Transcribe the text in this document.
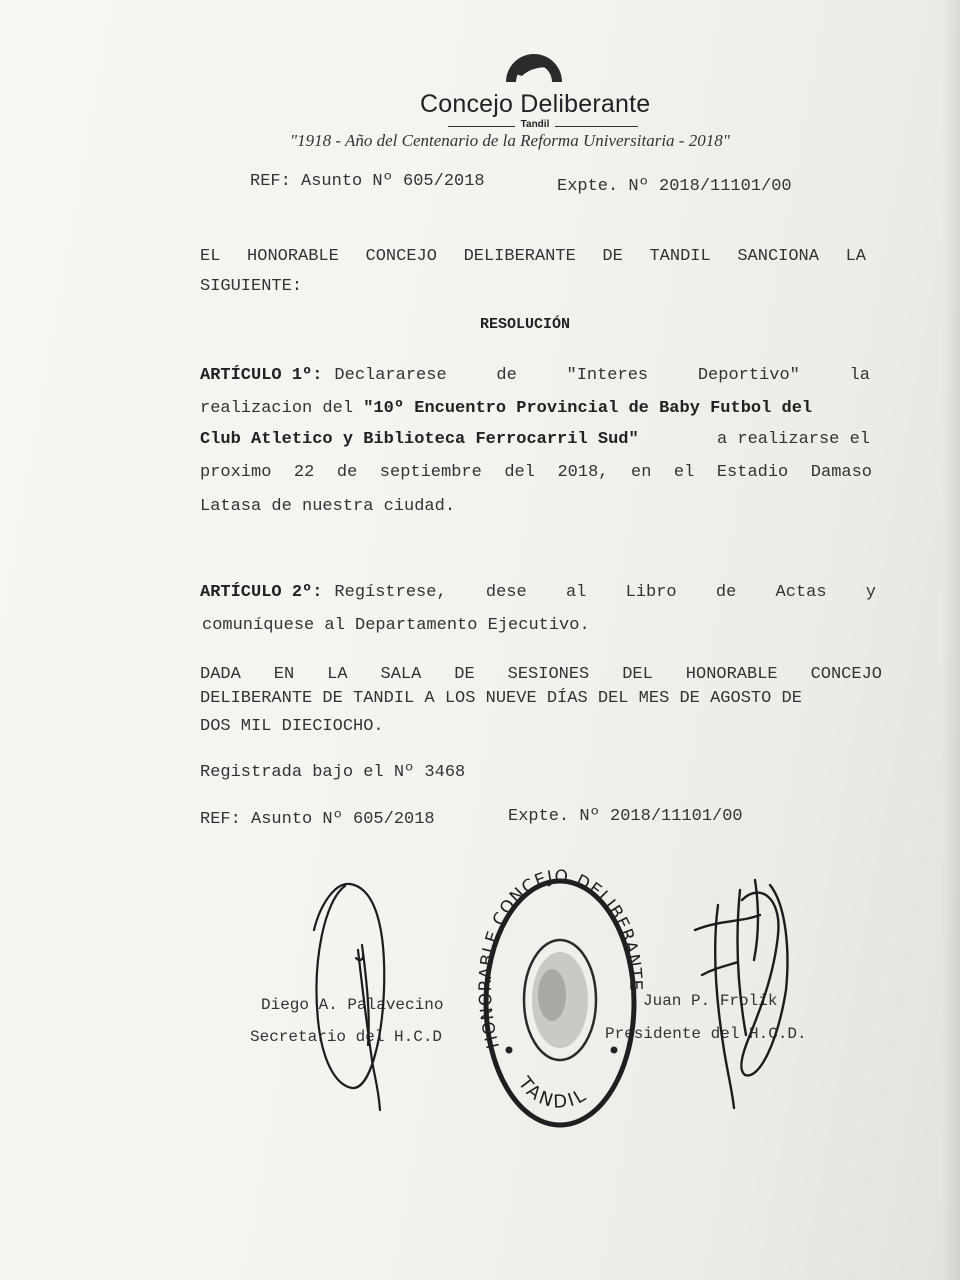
Concejo Deliberante
Tandil
"1918 - Año del Centenario de la Reforma Universitaria - 2018"
REF: Asunto Nº 605/2018	Expte. Nº 2018/11101/00
EL HONORABLE CONCEJO DELIBERANTE DE TANDIL SANCIONA LA
SIGUIENTE:
RESOLUCIÓN
ARTÍCULO 1º: Declararese de "Interes Deportivo" la
realizacion del "10º Encuentro Provincial de Baby Futbol del
Club Atletico y Biblioteca Ferrocarril Sud"	a realizarse el
proximo 22 de septiembre del 2018, en el Estadio Damaso
Latasa de nuestra ciudad.
ARTÍCULO 2º: Regístrese, dese al Libro de Actas y
comuníquese al Departamento Ejecutivo.
DADA EN LA SALA DE SESIONES DEL HONORABLE CONCEJO
DELIBERANTE DE TANDIL A LOS NUEVE DÍAS DEL MES DE AGOSTO DE
DOS MIL DIECIOCHO.
Registrada bajo el Nº 3468
REF: Asunto Nº 605/2018	Expte. Nº 2018/11101/00
Diego A. Palavecino
Secretario del H.C.D
Juan P. Frolik
Presidente del H.C.D.
HONORABLE CONCEJO DELIBERANTE
TANDIL
